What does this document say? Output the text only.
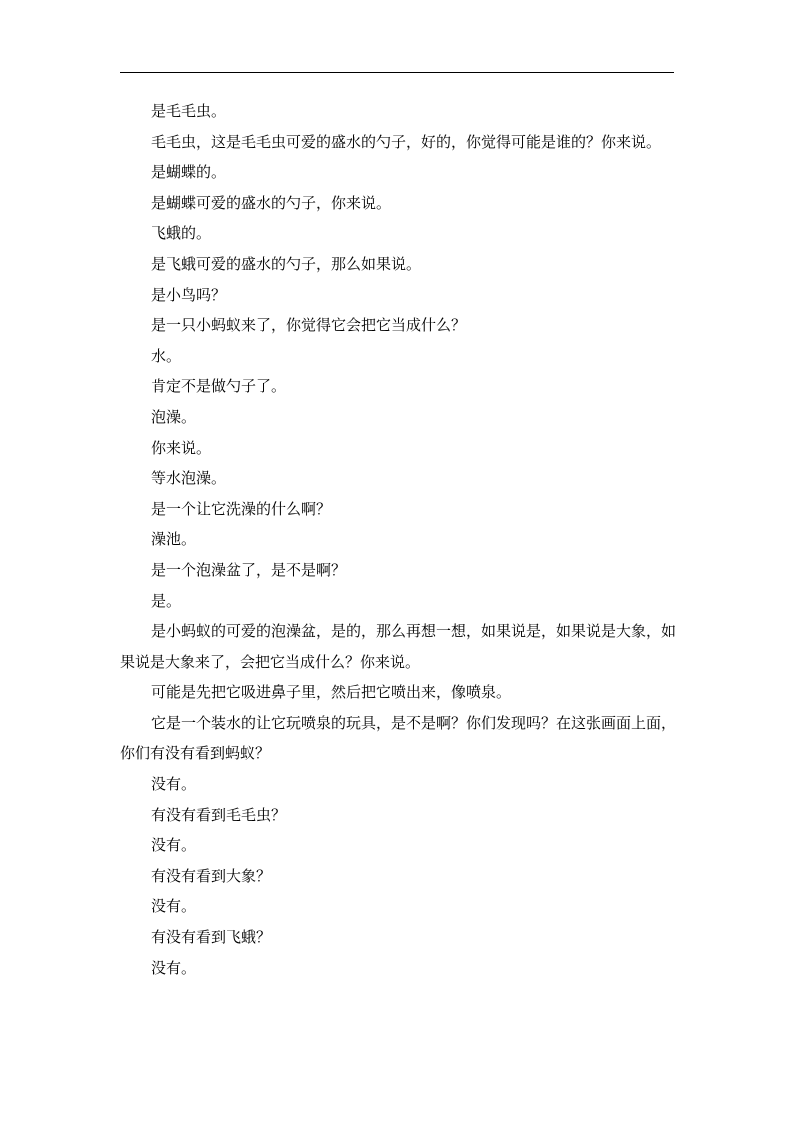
是毛毛虫。

毛毛虫，这是毛毛虫可爱的盛水的勺子，好的，你觉得可能是谁的？你来说。

是蝴蝶的。

是蝴蝶可爱的盛水的勺子，你来说。

飞蛾的。

是飞蛾可爱的盛水的勺子，那么如果说。

是小鸟吗？

是一只小蚂蚁来了，你觉得它会把它当成什么？

水。

肯定不是做勺子了。

泡澡。

你来说。

等水泡澡。

是一个让它洗澡的什么啊？

澡池。

是一个泡澡盆了，是不是啊？

是。

是小蚂蚁的可爱的泡澡盆，是的，那么再想一想，如果说是，如果说是大象，如果说是大象来了，会把它当成什么？你来说。

可能是先把它吸进鼻子里，然后把它喷出来，像喷泉。

它是一个装水的让它玩喷泉的玩具，是不是啊？你们发现吗？在这张画面上面，你们有没有看到蚂蚁？

没有。

有没有看到毛毛虫？

没有。

有没有看到大象？

没有。

有没有看到飞蛾？

没有。
